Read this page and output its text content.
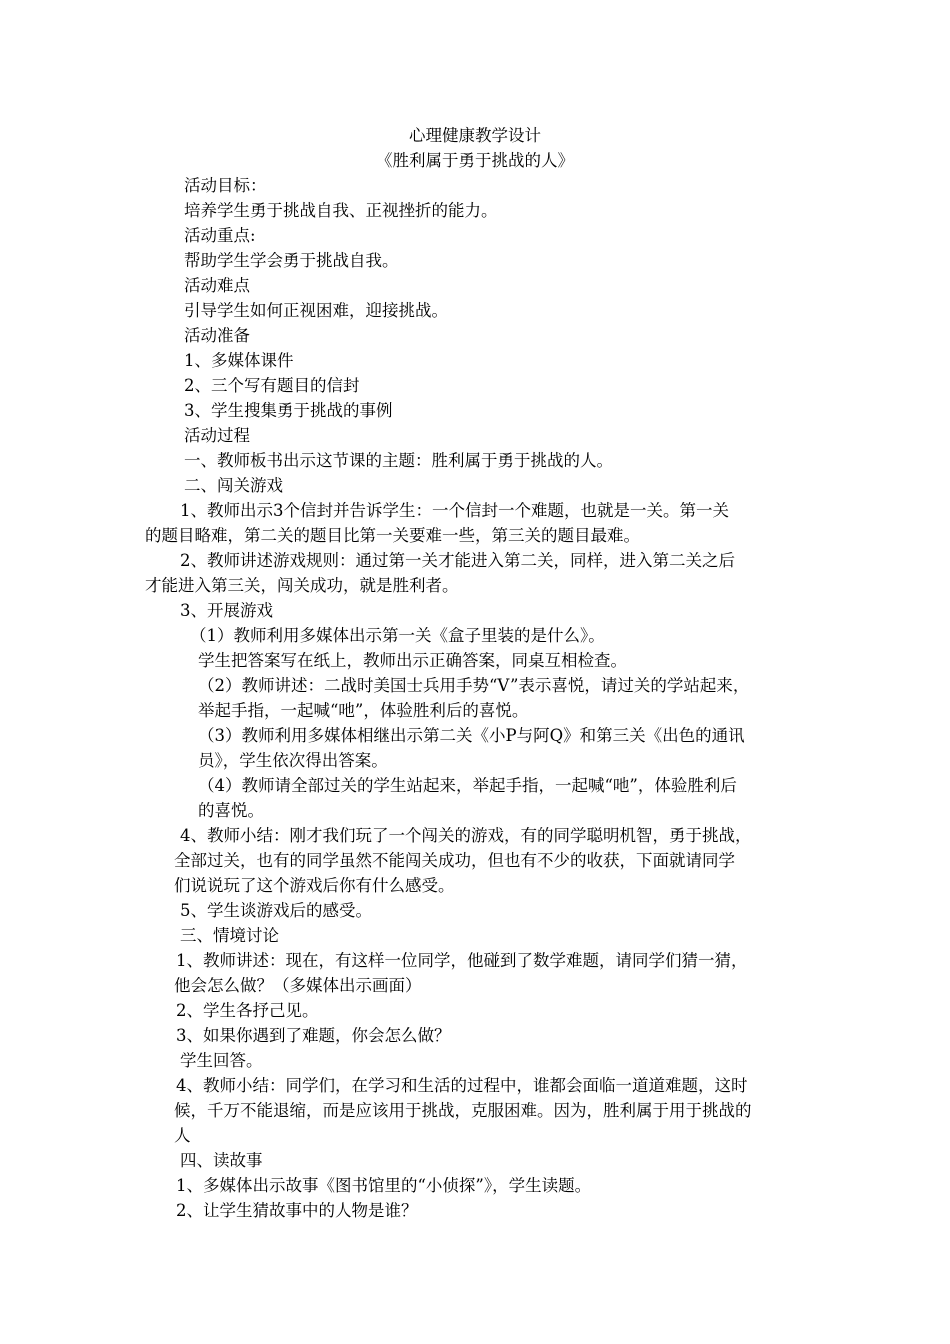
心理健康教学设计
《胜利属于勇于挑战的人》
活动目标：
培养学生勇于挑战自我、正视挫折的能力。
活动重点:
帮助学生学会勇于挑战自我。
活动难点
引导学生如何正视困难，迎接挑战。
活动准备
1、多媒体课件
2、三个写有题目的信封
3、学生搜集勇于挑战的事例
活动过程
一、教师板书出示这节课的主题：胜利属于勇于挑战的人。
二、闯关游戏
1、教师出示3个信封并告诉学生：一个信封一个难题，也就是一关。第一关
的题目略难，第二关的题目比第一关要难一些，第三关的题目最难。
2、教师讲述游戏规则：通过第一关才能进入第二关，同样，进入第二关之后
才能进入第三关，闯关成功，就是胜利者。
3、开展游戏
（1）教师利用多媒体出示第一关《盒子里装的是什么》。
学生把答案写在纸上，教师出示正确答案，同桌互相检查。
（2）教师讲述：二战时美国士兵用手势“V”表示喜悦，请过关的学站起来，
举起手指，一起喊“吔”，体验胜利后的喜悦。
（3）教师利用多媒体相继出示第二关《小P与阿Q》和第三关《出色的通讯
员》，学生依次得出答案。
（4）教师请全部过关的学生站起来，举起手指，一起喊“吔”，体验胜利后
的喜悦。
4、教师小结：刚才我们玩了一个闯关的游戏，有的同学聪明机智，勇于挑战，
全部过关，也有的同学虽然不能闯关成功，但也有不少的收获，下面就请同学
们说说玩了这个游戏后你有什么感受。
5、学生谈游戏后的感受。
三、情境讨论
1、教师讲述：现在，有这样一位同学，他碰到了数学难题，请同学们猜一猜，
他会怎么做？（多媒体出示画面）
2、学生各抒己见。
3、如果你遇到了难题，你会怎么做？
学生回答。
4、教师小结：同学们，在学习和生活的过程中，谁都会面临一道道难题，这时
候，千万不能退缩，而是应该用于挑战，克服困难。因为，胜利属于用于挑战的
人
四、读故事
1、多媒体出示故事《图书馆里的“小侦探”》，学生读题。
2、让学生猜故事中的人物是谁？
